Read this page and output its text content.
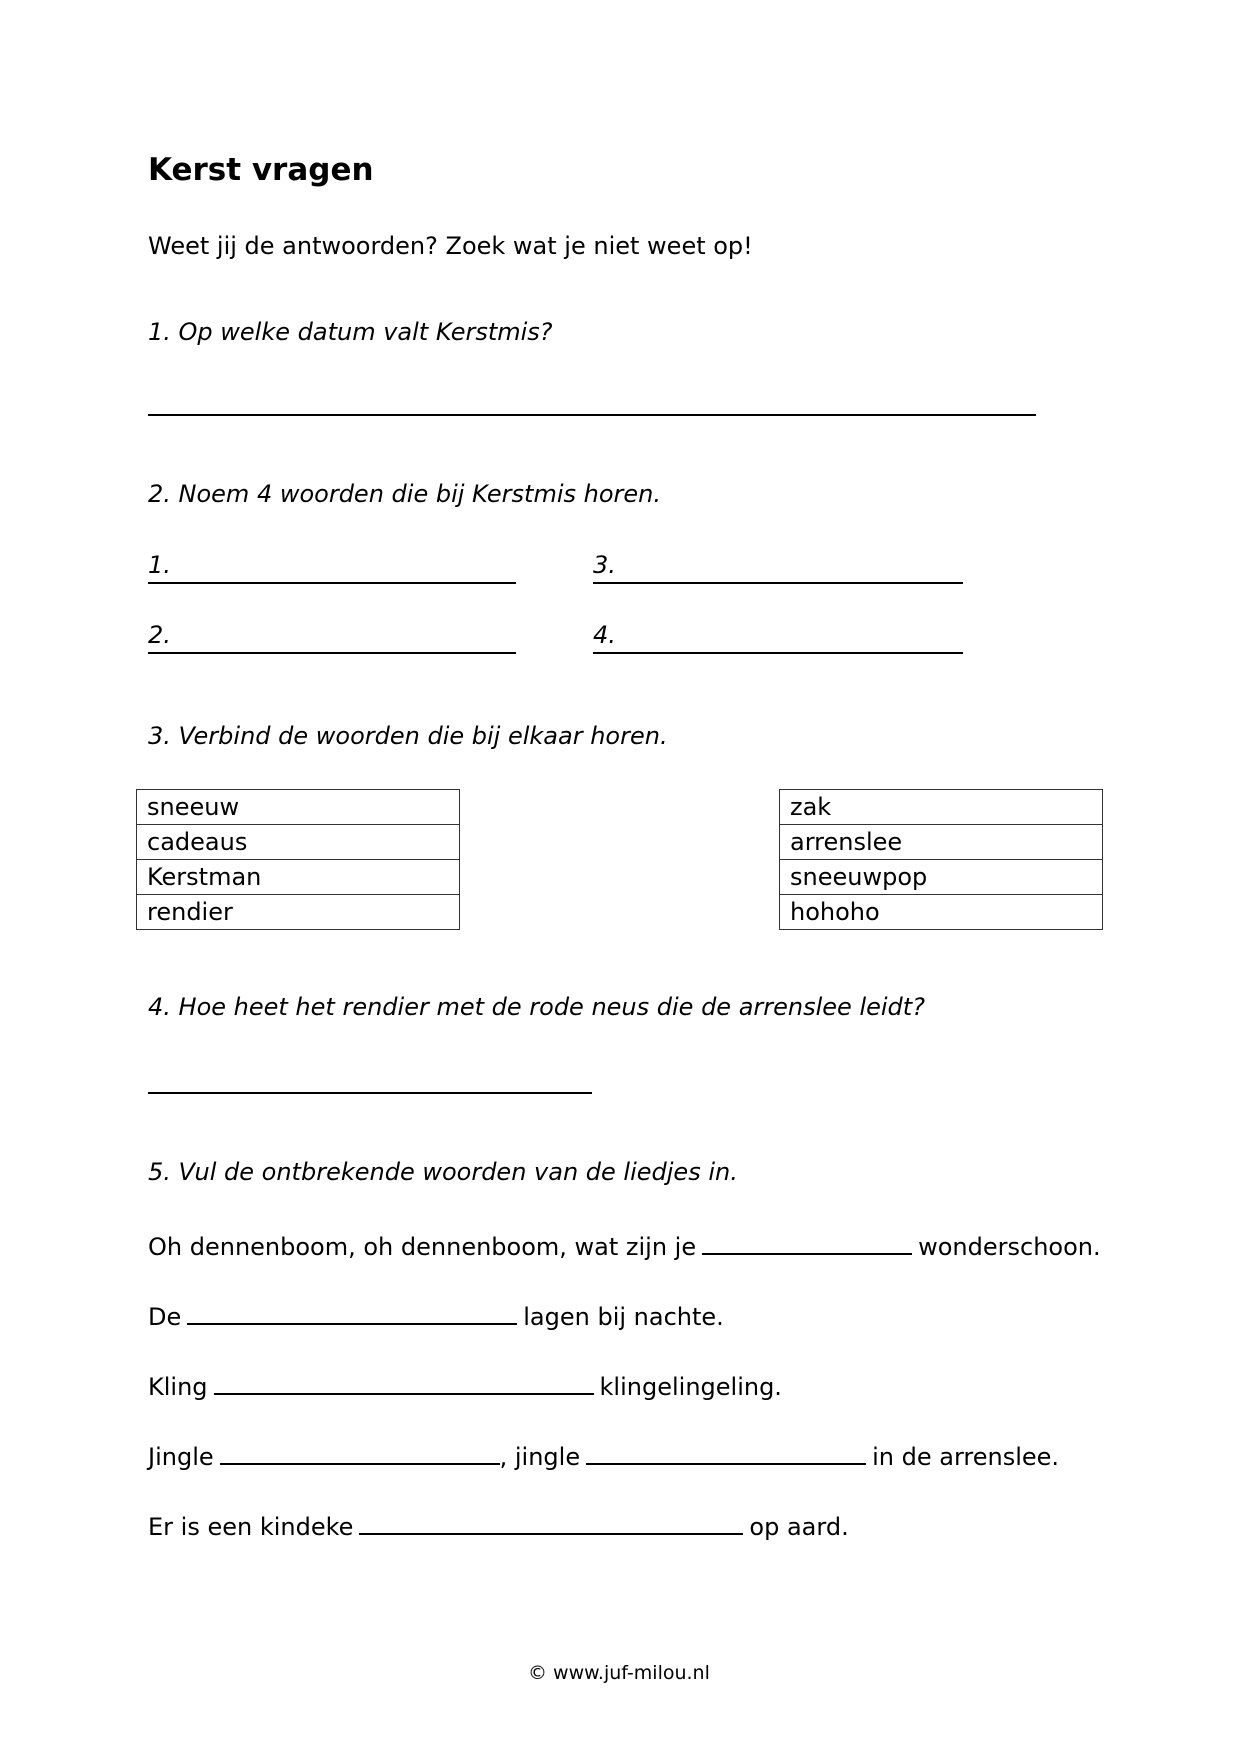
Kerst vragen
Weet jij de antwoorden? Zoek wat je niet weet op!
1. Op welke datum valt Kerstmis?
2. Noem 4 woorden die bij Kerstmis horen.
1.
2.
3.
4.
3. Verbind de woorden die bij elkaar horen.
sneeuw
cadeaus
Kerstman
rendier
zak
arrenslee
sneeuwpop
hohoho
4. Hoe heet het rendier met de rode neus die de arrenslee leidt?
5. Vul de ontbrekende woorden van de liedjes in.
Oh dennenboom, oh dennenboom, wat zijn je	wonderschoon.
De	lagen bij nachte.
Kling	klingelingeling.
Jingle	, jingle	in de arrenslee.
Er is een kindeke	op aard.
© www.juf-milou.nl
